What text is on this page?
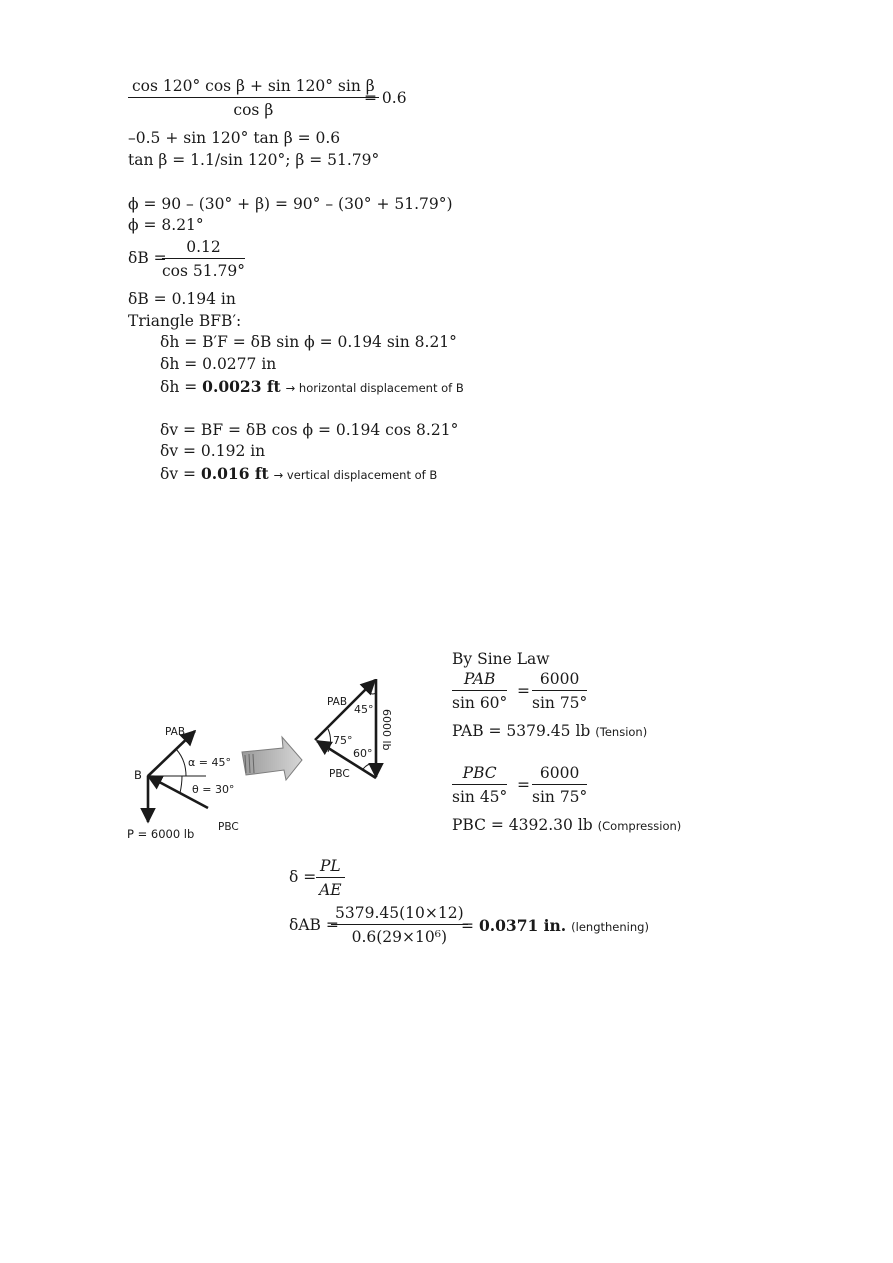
$\frac{\text{cos 120° cos β + sin 120° sin β}}{\text{cos β}}$
= 0.6
–0.5 + sin 120° tan β = 0.6
tan β = 1.1/sin 120°; β = 51.79°
ϕ = 90 – (30° + β) = 90° – (30° + 51.79°)
ϕ = 8.21°
δB =
$\frac{0.12}{\cos 51.79^\circ}$
δB = 0.194 in
Triangle BFB′:
δh = B′F = δB sin ϕ = 0.194 sin 8.21°
δh = 0.0277 in
δh = 0.0023 ft → horizontal displacement of B
δv = BF = δB cos ϕ = 0.194 cos 8.21°
δv = 0.192 in
δv = 0.016 ft → vertical displacement of B
PAB
B
α = 45°
θ = 30°
P = 6000 lb PBC
PAB
45°
75°
60°
PBC
6000 lb
By Sine Law
PAB
sin 60°
= $\frac{6000}{\sin 75^\circ}$
PAB = 5379.45 lb (Tension)
PBC
sin 45°
= $\frac{6000}{\sin 75^\circ}$
PBC = 4392.30 lb (Compression)
$\delta = \frac{PL}{AE}$
δAB =
$\frac{5379.45(10\times 12)}{\text{0.6(29×10⁶)}}$
= 0.0371 in. (lengthening)
